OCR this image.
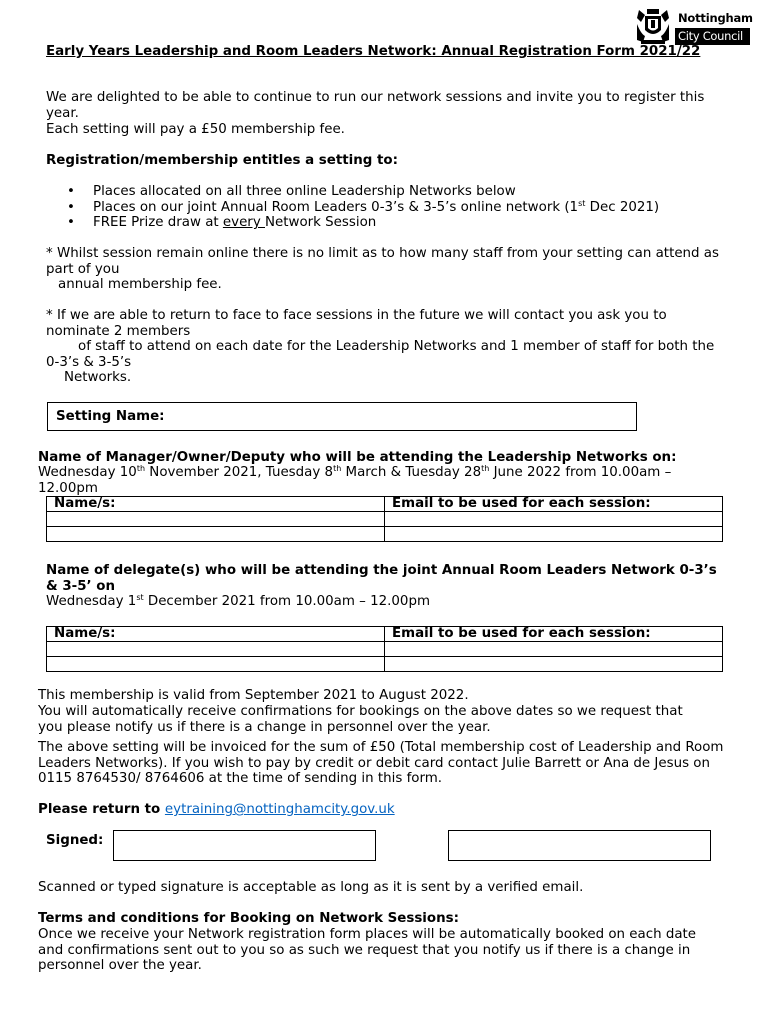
Nottingham
City Council
Early Years Leadership and Room Leaders Network: Annual Registration Form 2021/22
We are delighted to be able to continue to run our network sessions and invite you to register this year.
Each setting will pay a £50 membership fee.
Registration/membership entitles a setting to:
• Places allocated on all three online Leadership Networks below
• Places on our joint Annual Room Leaders 0-3’s & 3-5’s online network (1st Dec 2021)
• FREE Prize draw at every Network Session
* Whilst session remain online there is no limit as to how many staff from your setting can attend as part of you
annual membership fee.
* If we are able to return to face to face sessions in the future we will contact you ask you to nominate 2 members
of staff to attend on each date for the Leadership Networks and 1 member of staff for both the 0-3’s & 3-5’s
Networks.
Setting Name:
Name of Manager/Owner/Deputy who will be attending the Leadership Networks on:
Wednesday 10th November 2021, Tuesday 8th March & Tuesday 28th June 2022 from 10.00am – 12.00pm
Name/s:	Email to be used for each session:

Name of delegate(s) who will be attending the joint Annual Room Leaders Network 0-3’s & 3-5’ on
Wednesday 1st December 2021 from 10.00am – 12.00pm
Name/s:	Email to be used for each session:

This membership is valid from September 2021 to August 2022.
You will automatically receive confirmations for bookings on the above dates so we request that you please notify us if there is a change in personnel over the year.
The above setting will be invoiced for the sum of £50 (Total membership cost of Leadership and Room Leaders Networks). If you wish to pay by credit or debit card contact Julie Barrett or Ana de Jesus on 0115 8764530/ 8764606 at the time of sending in this form.
Please return to eytraining@nottinghamcity.gov.uk
Signed:
Scanned or typed signature is acceptable as long as it is sent by a verified email.
Terms and conditions for Booking on Network Sessions:
Once we receive your Network registration form places will be automatically booked on each date and confirmations sent out to you so as such we request that you notify us if there is a change in personnel over the year.
